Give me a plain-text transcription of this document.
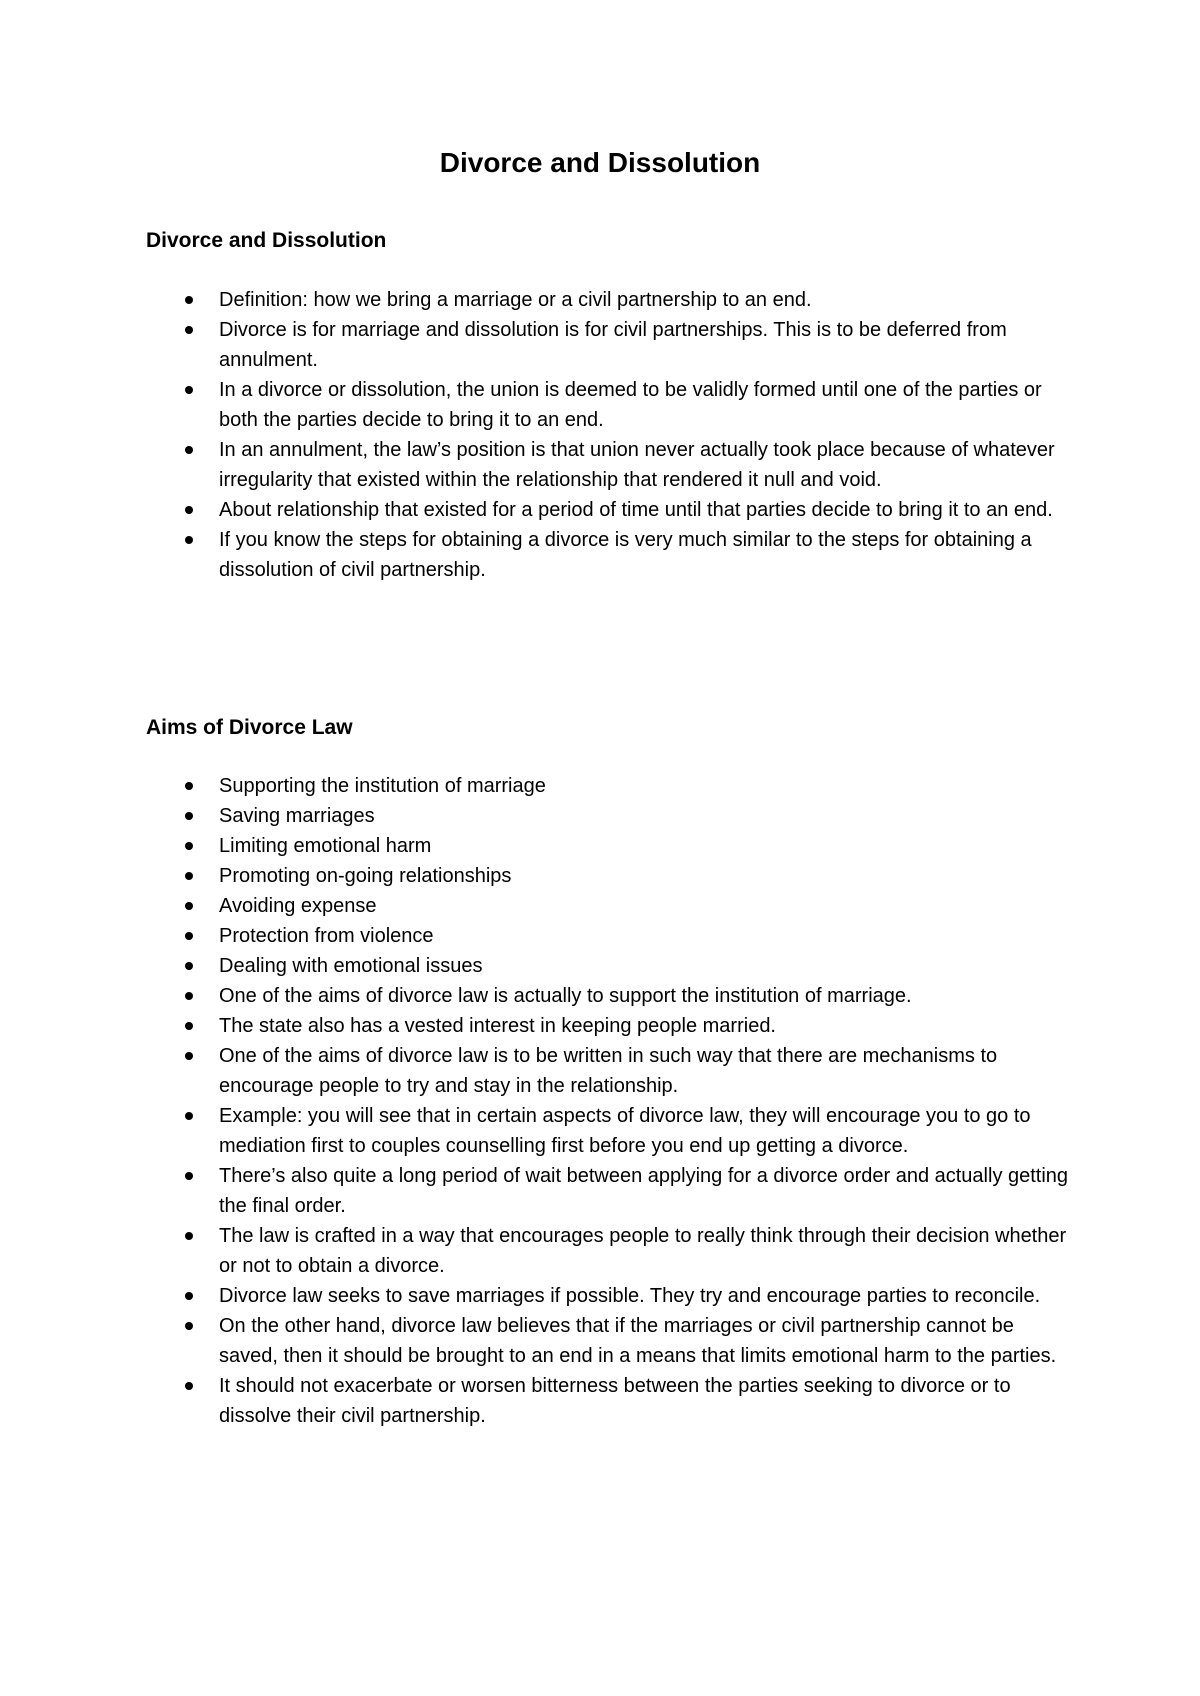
Divorce and Dissolution
Divorce and Dissolution
Definition: how we bring a marriage or a civil partnership to an end.
Divorce is for marriage and dissolution is for civil partnerships. This is to be deferred from annulment.
In a divorce or dissolution, the union is deemed to be validly formed until one of the parties or both the parties decide to bring it to an end.
In an annulment, the law’s position is that union never actually took place because of whatever irregularity that existed within the relationship that rendered it null and void.
About relationship that existed for a period of time until that parties decide to bring it to an end.
If you know the steps for obtaining a divorce is very much similar to the steps for obtaining a dissolution of civil partnership.
Aims of Divorce Law
Supporting the institution of marriage
Saving marriages
Limiting emotional harm
Promoting on-going relationships
Avoiding expense
Protection from violence
Dealing with emotional issues
One of the aims of divorce law is actually to support the institution of marriage.
The state also has a vested interest in keeping people married.
One of the aims of divorce law is to be written in such way that there are mechanisms to encourage people to try and stay in the relationship.
Example: you will see that in certain aspects of divorce law, they will encourage you to go to mediation first to couples counselling first before you end up getting a divorce.
There’s also quite a long period of wait between applying for a divorce order and actually getting the final order.
The law is crafted in a way that encourages people to really think through their decision whether or not to obtain a divorce.
Divorce law seeks to save marriages if possible. They try and encourage parties to reconcile.
On the other hand, divorce law believes that if the marriages or civil partnership cannot be saved, then it should be brought to an end in a means that limits emotional harm to the parties.
It should not exacerbate or worsen bitterness between the parties seeking to divorce or to dissolve their civil partnership.
